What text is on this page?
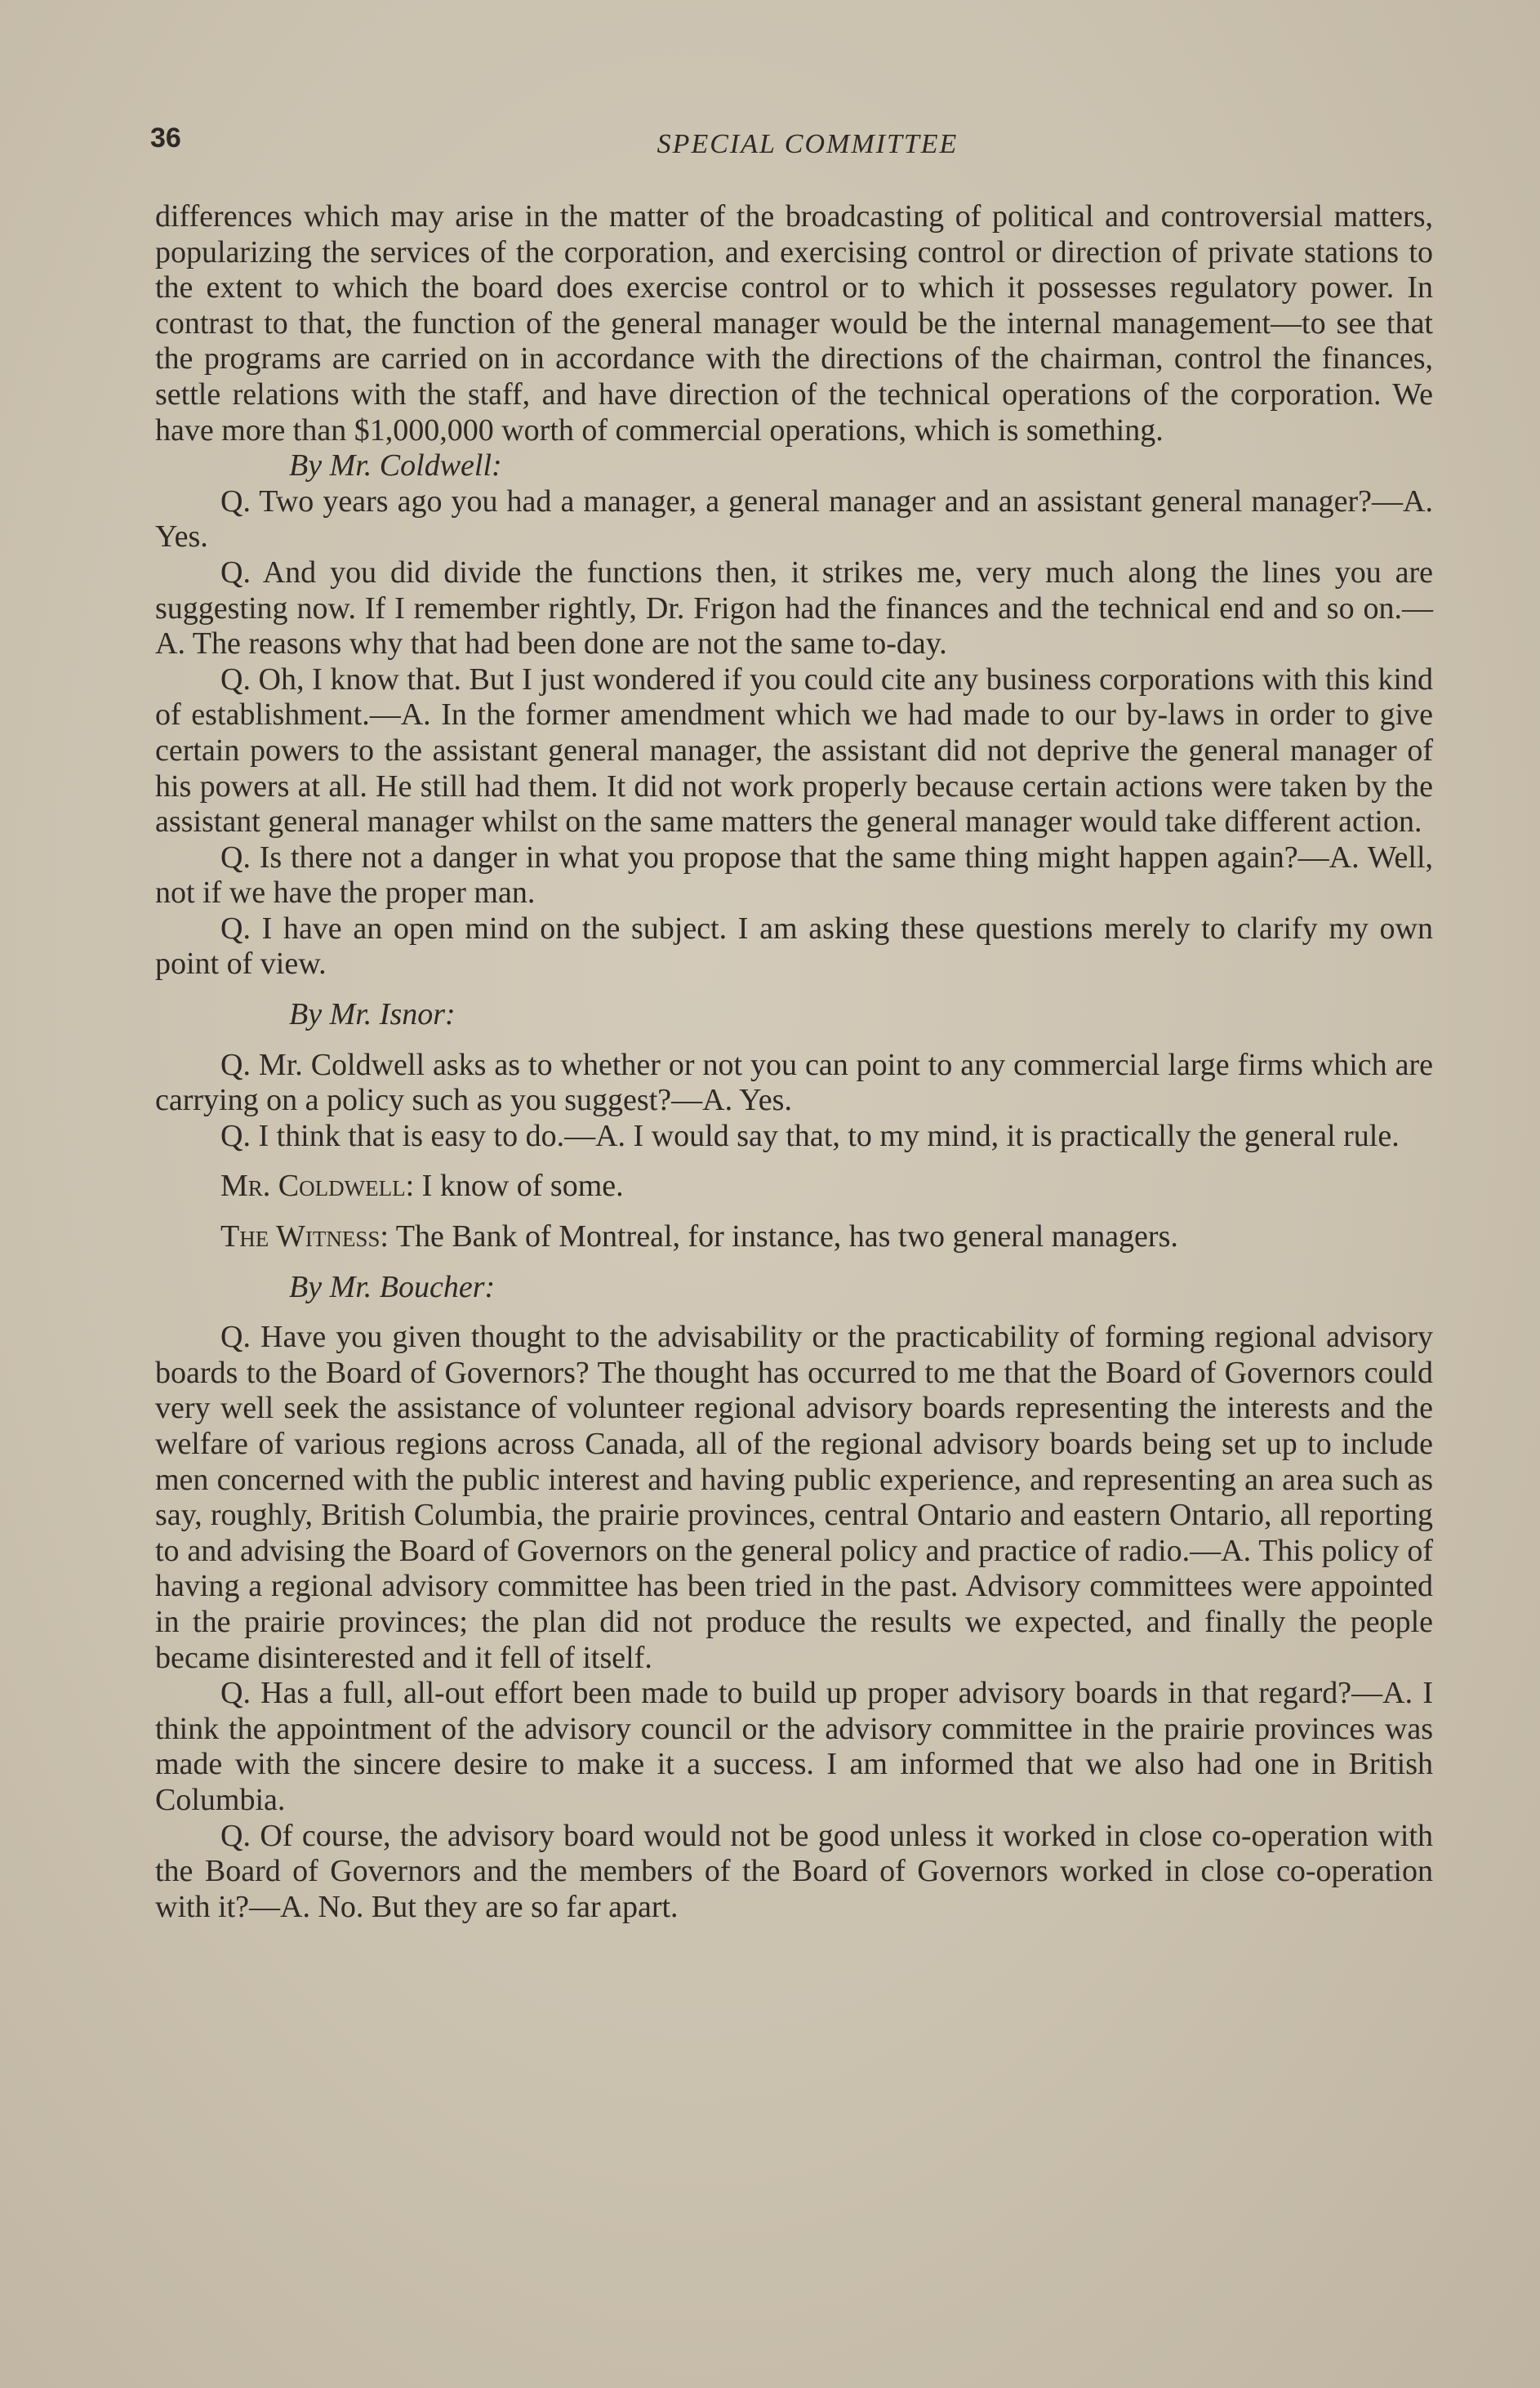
36	SPECIAL COMMITTEE

differences which may arise in the matter of the broadcasting of political and controversial matters, popularizing the services of the corporation, and exercising control or direction of private stations to the extent to which the board does exercise control or to which it possesses regulatory power. In contrast to that, the function of the general manager would be the internal management—to see that the programs are carried on in accordance with the directions of the chairman, control the finances, settle relations with the staff, and have direction of the technical operations of the corporation. We have more than $1,000,000 worth of commercial operations, which is something.

By Mr. Coldwell:

Q. Two years ago you had a manager, a general manager and an assistant general manager?—A. Yes.

Q. And you did divide the functions then, it strikes me, very much along the lines you are suggesting now. If I remember rightly, Dr. Frigon had the finances and the technical end and so on.—A. The reasons why that had been done are not the same to-day.

Q. Oh, I know that. But I just wondered if you could cite any business corporations with this kind of establishment.—A. In the former amendment which we had made to our by-laws in order to give certain powers to the assistant general manager, the assistant did not deprive the general manager of his powers at all. He still had them. It did not work properly because certain actions were taken by the assistant general manager whilst on the same matters the general manager would take different action.

Q. Is there not a danger in what you propose that the same thing might happen again?—A. Well, not if we have the proper man.

Q. I have an open mind on the subject. I am asking these questions merely to clarify my own point of view.

By Mr. Isnor:

Q. Mr. Coldwell asks as to whether or not you can point to any commercial large firms which are carrying on a policy such as you suggest?—A. Yes.

Q. I think that is easy to do.—A. I would say that, to my mind, it is practically the general rule.

Mr. Coldwell: I know of some.

The Witness: The Bank of Montreal, for instance, has two general managers.

By Mr. Boucher:

Q. Have you given thought to the advisability or the practicability of forming regional advisory boards to the Board of Governors? The thought has occurred to me that the Board of Governors could very well seek the assistance of volunteer regional advisory boards representing the interests and the welfare of various regions across Canada, all of the regional advisory boards being set up to include men concerned with the public interest and having public experience, and representing an area such as say, roughly, British Columbia, the prairie provinces, central Ontario and eastern Ontario, all reporting to and advising the Board of Governors on the general policy and practice of radio.—A. This policy of having a regional advisory committee has been tried in the past. Advisory committees were appointed in the prairie provinces; the plan did not produce the results we expected, and finally the people became disinterested and it fell of itself.

Q. Has a full, all-out effort been made to build up proper advisory boards in that regard?—A. I think the appointment of the advisory council or the advisory committee in the prairie provinces was made with the sincere desire to make it a success. I am informed that we also had one in British Columbia.

Q. Of course, the advisory board would not be good unless it worked in close co-operation with the Board of Governors and the members of the Board of Governors worked in close co-operation with it?—A. No. But they are so far apart.
